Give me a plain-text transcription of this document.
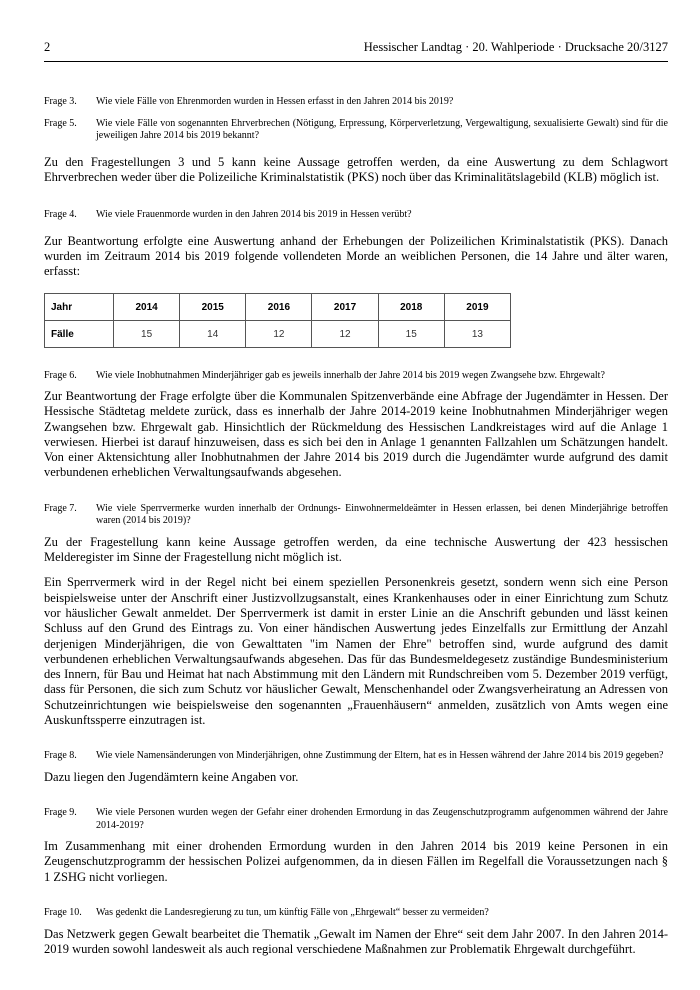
2	Hessischer Landtag · 20. Wahlperiode · Drucksache 20/3127
Frage 3.	Wie viele Fälle von Ehrenmorden wurden in Hessen erfasst in den Jahren 2014 bis 2019?
Frage 5.	Wie viele Fälle von sogenannten Ehrverbrechen (Nötigung, Erpressung, Körperverletzung, Vergewaltigung, sexualisierte Gewalt) sind für die jeweiligen Jahre 2014 bis 2019 bekannt?

Zu den Fragestellungen 3 und 5 kann keine Aussage getroffen werden, da eine Auswertung zu dem Schlagwort Ehrverbrechen weder über die Polizeiliche Kriminalstatistik (PKS) noch über das Kriminalitätslagebild (KLB) möglich ist.

Frage 4.	Wie viele Frauenmorde wurden in den Jahren 2014 bis 2019 in Hessen verübt?

Zur Beantwortung erfolgte eine Auswertung anhand der Erhebungen der Polizeilichen Kriminalstatistik (PKS). Danach wurden im Zeitraum 2014 bis 2019 folgende vollendeten Morde an weiblichen Personen, die 14 Jahre und älter waren, erfasst:

Jahr	2014	2015	2016	2017	2018	2019
Fälle	15	14	12	12	15	13
Frage 6.	Wie viele Inobhutnahmen Minderjähriger gab es jeweils innerhalb der Jahre 2014 bis 2019 wegen Zwangsehe bzw. Ehrgewalt?

Zur Beantwortung der Frage erfolgte über die Kommunalen Spitzenverbände eine Abfrage der Jugendämter in Hessen. Der Hessische Städtetag meldete zurück, dass es innerhalb der Jahre 2014-2019 keine Inobhutnahmen Minderjähriger wegen Zwangsehen bzw. Ehrgewalt gab. Hinsichtlich der Rückmeldung des Hessischen Landkreistages wird auf die Anlage 1 verwiesen. Hierbei ist darauf hinzuweisen, dass es sich bei den in Anlage 1 genannten Fallzahlen um Schätzungen handelt. Von einer Aktensichtung aller Inobhutnahmen der Jahre 2014 bis 2019 durch die Jugendämter wurde aufgrund des damit verbundenen erheblichen Verwaltungsaufwands abgesehen.

Frage 7.	Wie viele Sperrvermerke wurden innerhalb der Ordnungs- Einwohnermeldeämter in Hessen erlassen, bei denen Minderjährige betroffen waren (2014 bis 2019)?

Zu der Fragestellung kann keine Aussage getroffen werden, da eine technische Auswertung der 423 hessischen Melderegister im Sinne der Fragestellung nicht möglich ist.

Ein Sperrvermerk wird in der Regel nicht bei einem speziellen Personenkreis gesetzt, sondern wenn sich eine Person beispielsweise unter der Anschrift einer Justizvollzugsanstalt, eines Krankenhauses oder in einer Einrichtung zum Schutz vor häuslicher Gewalt anmeldet. Der Sperrvermerk ist damit in erster Linie an die Anschrift gebunden und lässt keinen Schluss auf den Grund des Eintrags zu. Von einer händischen Auswertung jedes Einzelfalls zur Ermittlung der Anzahl derjenigen Minderjährigen, die von Gewalttaten "im Namen der Ehre" betroffen sind, wurde aufgrund des damit verbundenen erheblichen Verwaltungsaufwands abgesehen. Das für das Bundesmeldegesetz zuständige Bundesministerium des Innern, für Bau und Heimat hat nach Abstimmung mit den Ländern mit Rundschreiben vom 5. Dezember 2019 verfügt, dass für Personen, die sich zum Schutz vor häuslicher Gewalt, Menschenhandel oder Zwangsverheiratung an Adressen von Schutzeinrichtungen wie beispielsweise den sogenannten „Frauenhäusern“ anmelden, zusätzlich von Amts wegen eine Auskunftssperre einzutragen ist.

Frage 8.	Wie viele Namensänderungen von Minderjährigen, ohne Zustimmung der Eltern, hat es in Hessen während der Jahre 2014 bis 2019 gegeben?

Dazu liegen den Jugendämtern keine Angaben vor.

Frage 9.	Wie viele Personen wurden wegen der Gefahr einer drohenden Ermordung in das Zeugenschutzprogramm aufgenommen während der Jahre 2014-2019?

Im Zusammenhang mit einer drohenden Ermordung wurden in den Jahren 2014 bis 2019 keine Personen in ein Zeugenschutzprogramm der hessischen Polizei aufgenommen, da in diesen Fällen im Regelfall die Voraussetzungen nach § 1 ZSHG nicht vorliegen.

Frage 10.	Was gedenkt die Landesregierung zu tun, um künftig Fälle von „Ehrgewalt“ besser zu vermeiden?

Das Netzwerk gegen Gewalt bearbeitet die Thematik „Gewalt im Namen der Ehre“ seit dem Jahr 2007. In den Jahren 2014-2019 wurden sowohl landesweit als auch regional verschiedene Maßnahmen zur Problematik Ehrgewalt durchgeführt.
